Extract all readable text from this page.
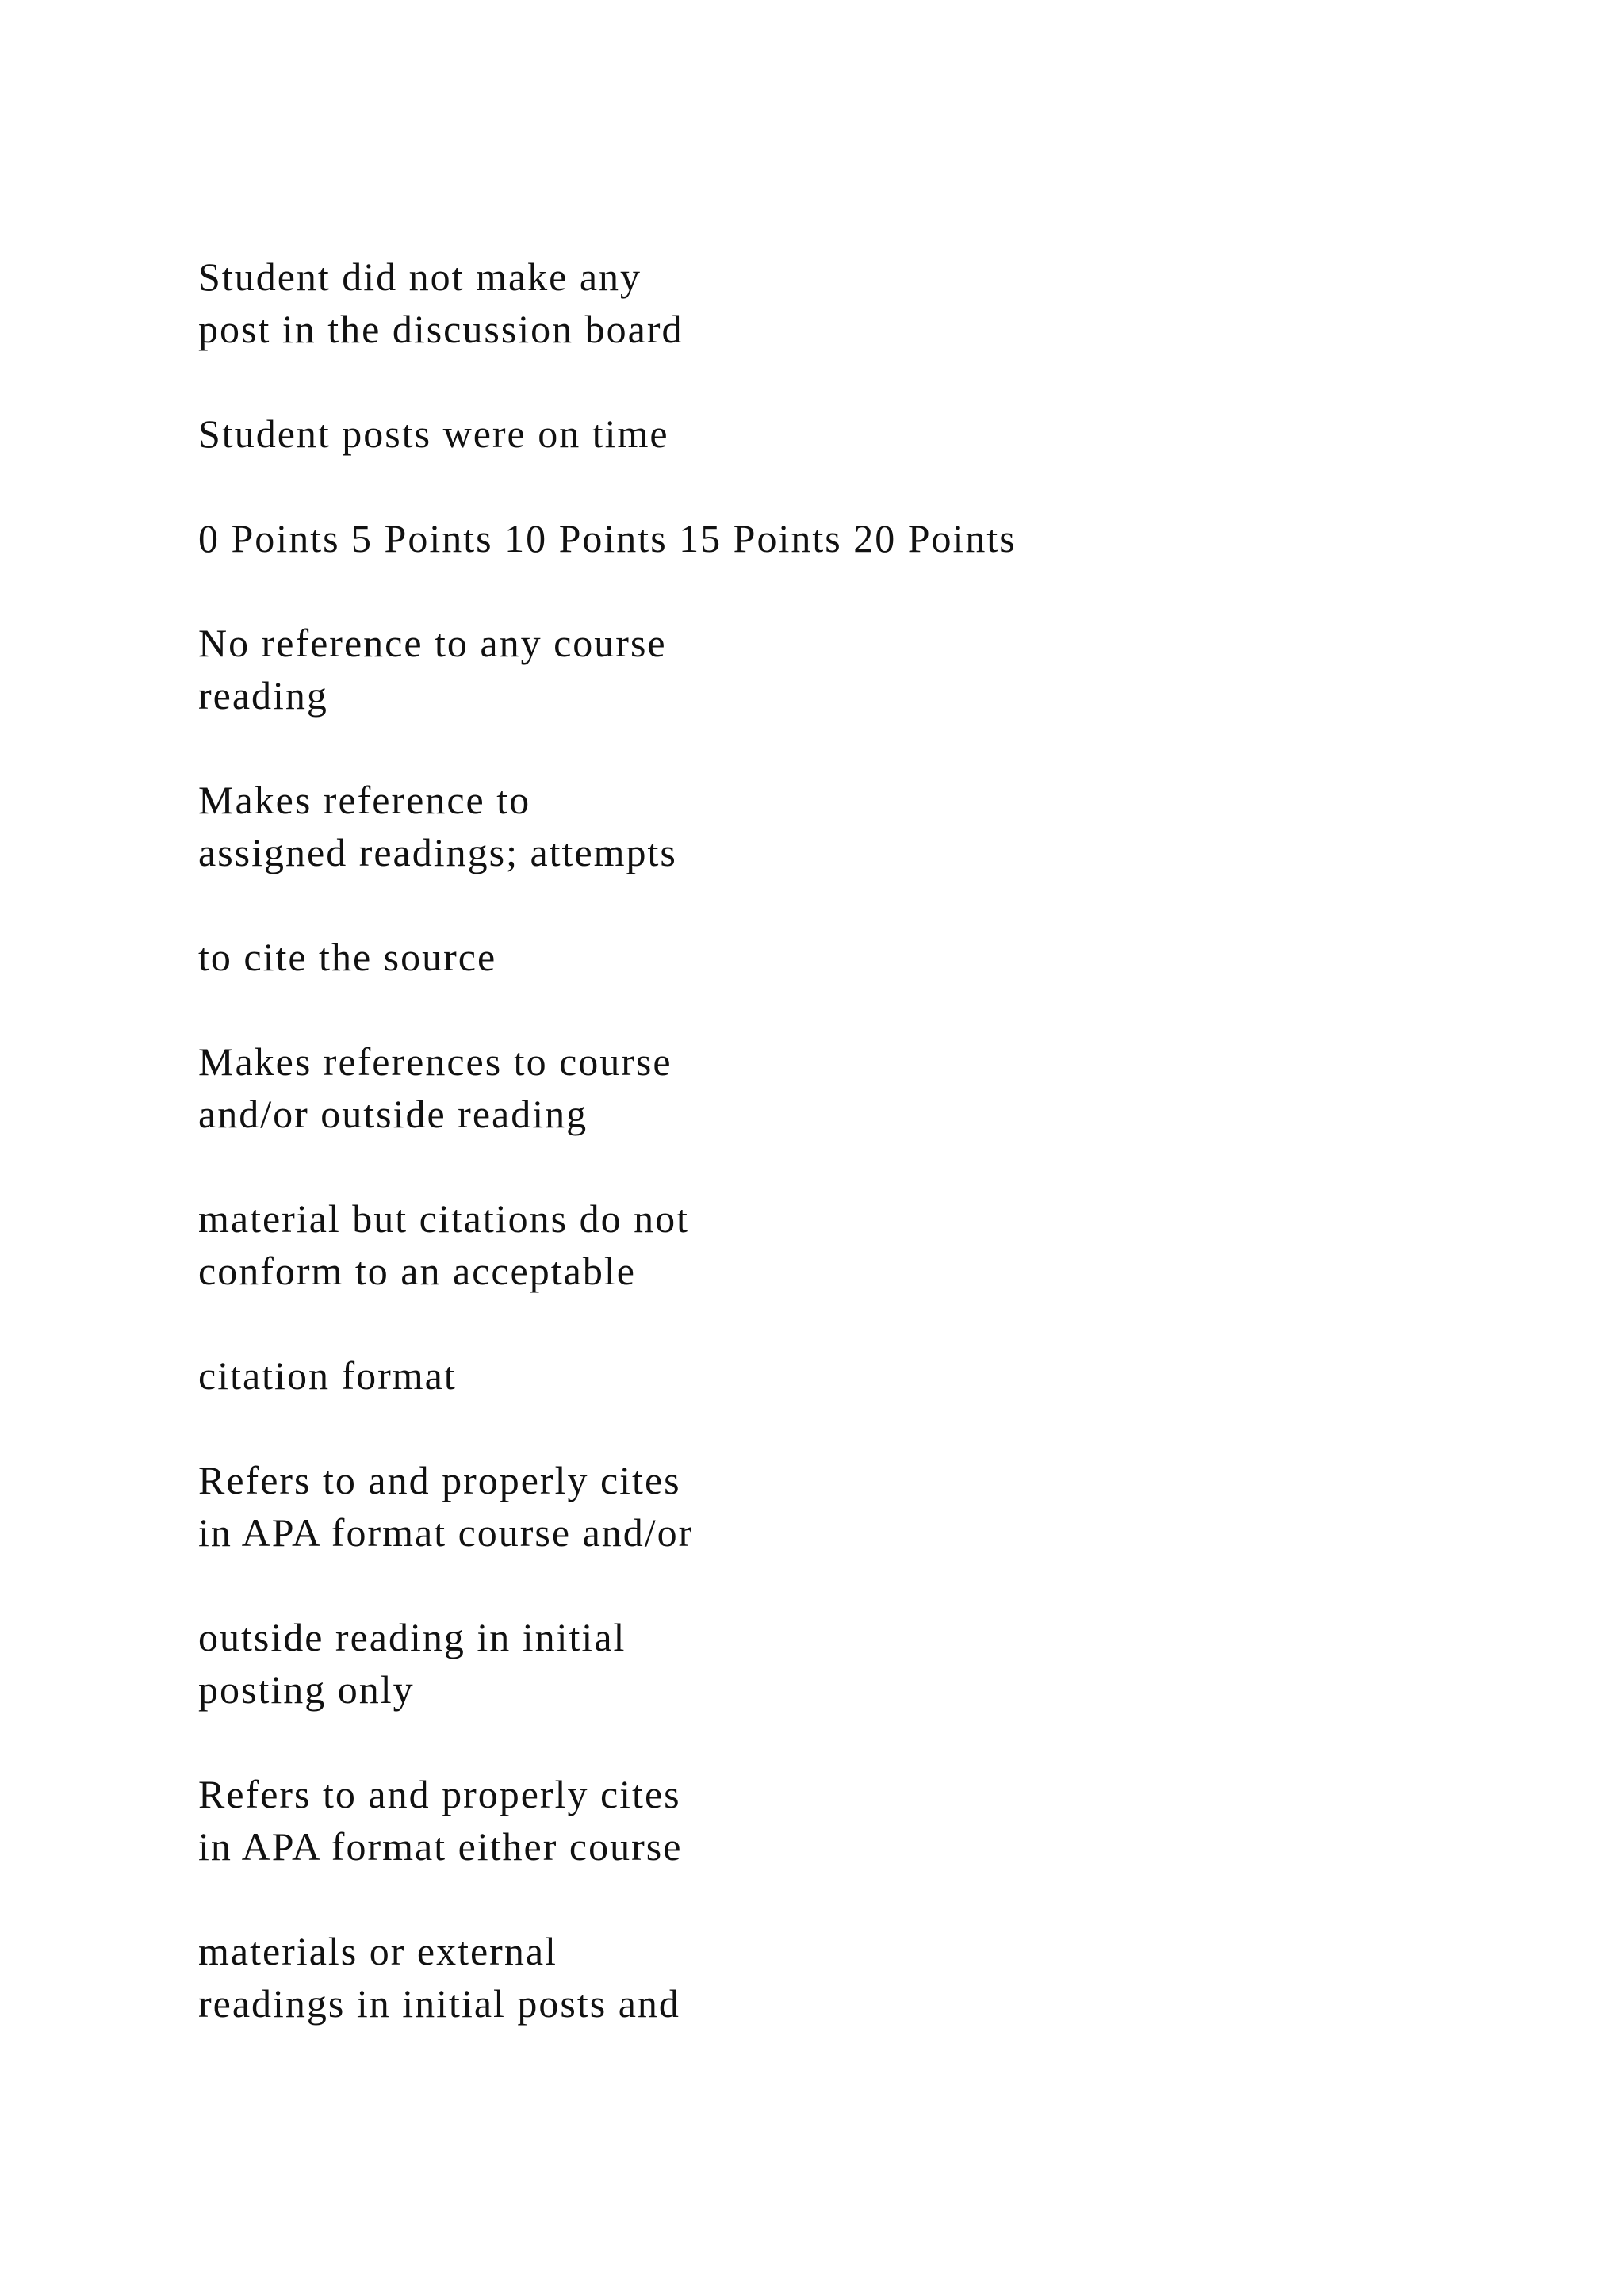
Student did not make any
post in the discussion board

Student posts were on time

0 Points 5 Points 10 Points 15 Points 20 Points

No reference to any course
reading

Makes reference to
assigned readings; attempts

to cite the source

Makes references to course
and/or outside reading

material but citations do not
conform to an acceptable

citation format

Refers to and properly cites
in APA format course and/or

outside reading in initial
posting only

Refers to and properly cites
in APA format either course

materials or external
readings in initial posts and
